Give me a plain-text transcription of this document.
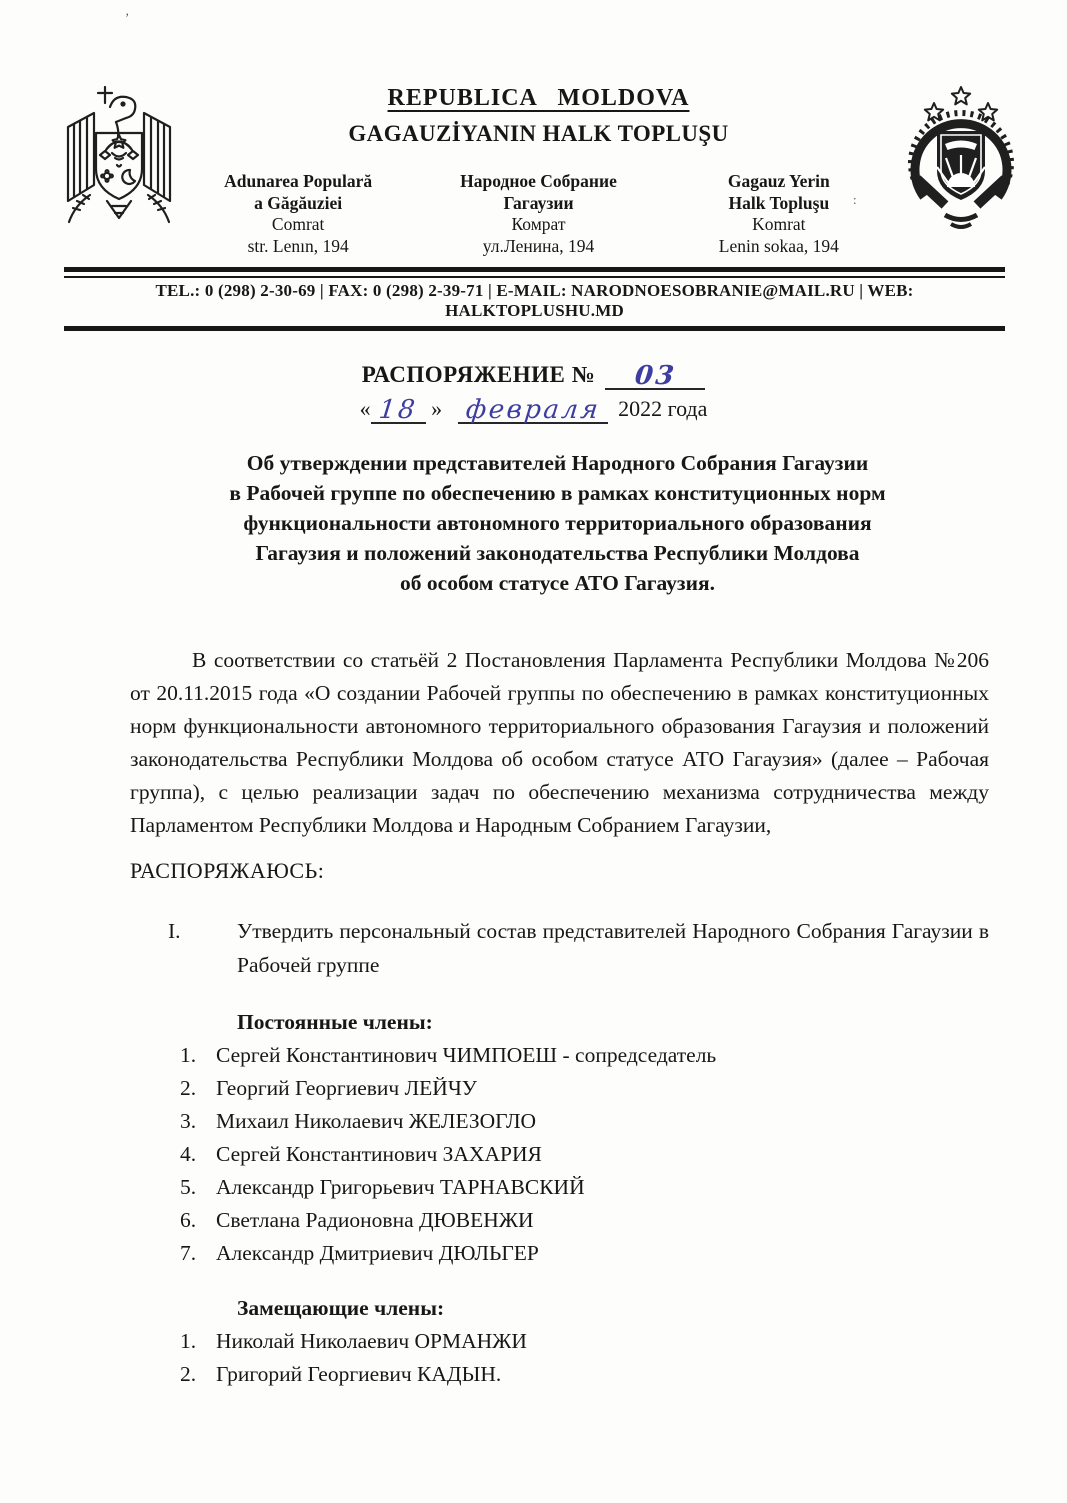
’
:
REPUBLICA   MOLDOVA
GAGAUZİYANIN HALK TOPLUŞU
Adunarea Populară
a Găgăuziei
Comrat
str. Lenın, 194
Народное Собрание
Гагаузии
Комрат
ул.Ленина, 194
Gagauz Yerin
Halk Topluşu
Komrat
Lenin sokaa, 194
TEL.: 0 (298) 2-30-69 | FAX: 0 (298) 2-39-71 | E-MAIL: NARODNOESOBRANIE@MAIL.RU | WEB: HALKTOPLUSHU.MD
РАСПОРЯЖЕНИЕ № 03
« 18 » февраля 2022 года
Об утверждении представителей Народного Собрания Гагаузии
в Рабочей группе по обеспечению в рамках конституционных норм
функциональности автономного территориального образования
Гагаузия и положений законодательства Республики Молдова
об особом статусе АТО Гагаузия.
В соответствии со статьёй 2 Постановления Парламента Республики Молдова №206 от 20.11.2015 года «О создании Рабочей группы по обеспечению в рамках конституционных норм функциональности автономного территориального образования Гагаузия и положений законодательства Республики Молдова об особом статусе АТО Гагаузия» (далее – Рабочая группа), с целью реализации задач по обеспечению механизма сотрудничества между Парламентом Республики Молдова и Народным Собранием Гагаузии,
РАСПОРЯЖАЮСЬ:
I.	Утвердить персональный состав представителей Народного Собрания Гагаузии в Рабочей группе
Постоянные члены:
1. Сергей Константинович ЧИМПОЕШ - сопредседатель
2. Георгий Георгиевич ЛЕЙЧУ
3. Михаил Николаевич ЖЕЛЕЗОГЛО
4. Сергей Константинович ЗАХАРИЯ
5. Александр Григорьевич ТАРНАВСКИЙ
6. Светлана Радионовна ДЮВЕНЖИ
7. Александр Дмитриевич ДЮЛЬГЕР
Замещающие члены:
1. Николай Николаевич ОРМАНЖИ
2. Григорий Георгиевич КАДЫН.
